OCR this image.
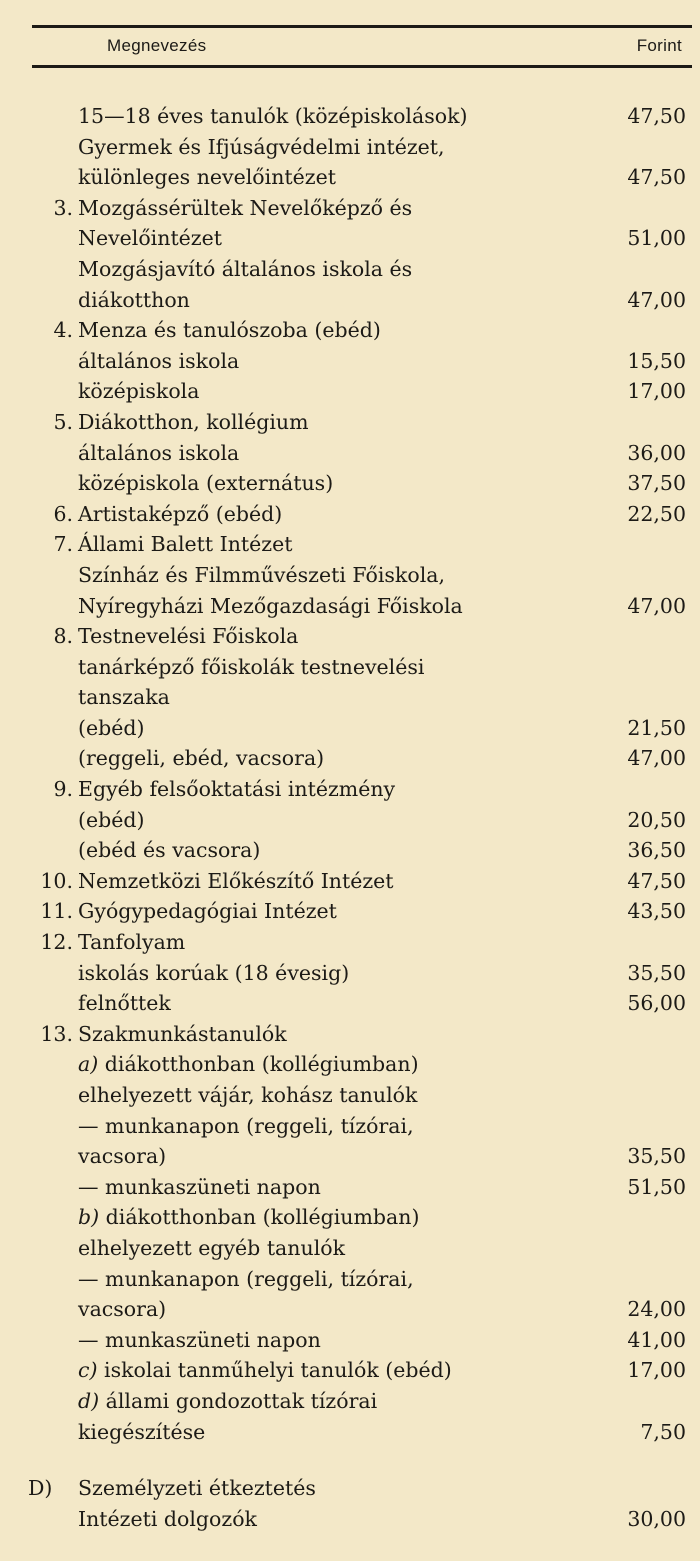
Megnevezés	Forint
15—18 éves tanulók (középiskolások)	47,50
Gyermek és Ifjúságvédelmi intézet,
különleges nevelőintézet	47,50
3. Mozgássérültek Nevelőképző és
Nevelőintézet	51,00
Mozgásjavító általános iskola és
diákotthon	47,00
4. Menza és tanulószoba (ebéd)
általános iskola	15,50
középiskola	17,00
5. Diákotthon, kollégium
általános iskola	36,00
középiskola (externátus)	37,50
6. Artistaképző (ebéd)	22,50
7. Állami Balett Intézet
Színház és Filmművészeti Főiskola,
Nyíregyházi Mezőgazdasági Főiskola	47,00
8. Testnevelési Főiskola
tanárképző főiskolák testnevelési
tanszaka
(ebéd)	21,50
(reggeli, ebéd, vacsora)	47,00
9. Egyéb felsőoktatási intézmény
(ebéd)	20,50
(ebéd és vacsora)	36,50
10. Nemzetközi Előkészítő Intézet	47,50
11. Gyógypedagógiai Intézet	43,50
12. Tanfolyam
iskolás korúak (18 évesig)	35,50
felnőttek	56,00
13. Szakmunkástanulók
a) diákotthonban (kollégiumban)
elhelyezett vájár, kohász tanulók
— munkanapon (reggeli, tízórai,
vacsora)	35,50
— munkaszüneti napon	51,50
b) diákotthonban (kollégiumban)
elhelyezett egyéb tanulók
— munkanapon (reggeli, tízórai,
vacsora)	24,00
— munkaszüneti napon	41,00
c) iskolai tanműhelyi tanulók (ebéd)	17,00
d) állami gondozottak tízórai
kiegészítése	7,50
D)	Személyzeti étkeztetés
Intézeti dolgozók	30,00
